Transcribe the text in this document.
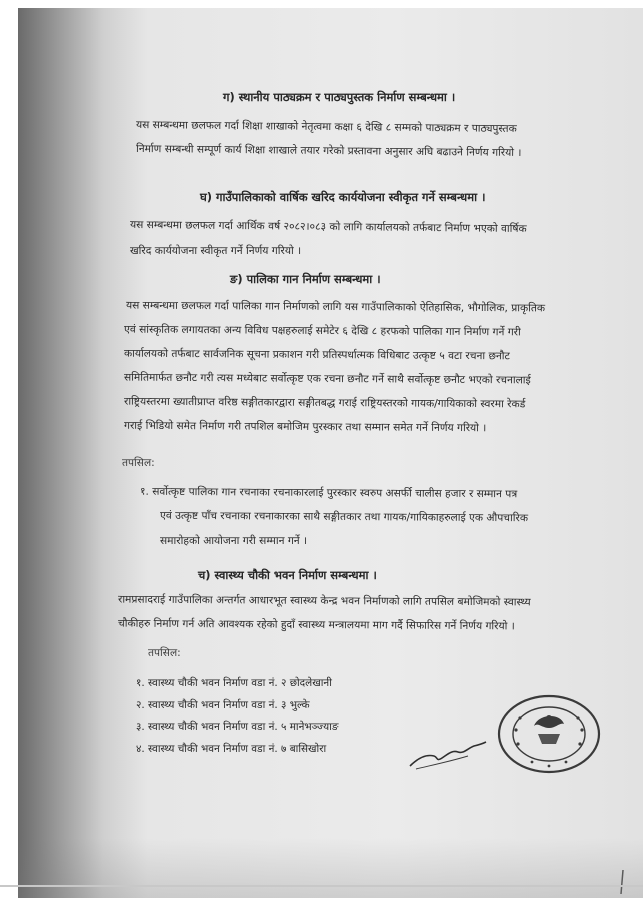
ग) स्थानीय पाठ्यक्रम र पाठ्यपुस्तक निर्माण सम्बन्धमा ।
यस सम्बन्धमा छलफल गर्दा शिक्षा शाखाको नेतृत्वमा कक्षा ६ देखि ८ सम्मको पाठ्यक्रम र पाठ्यपुस्तक
निर्माण सम्बन्धी सम्पूर्ण कार्य शिक्षा शाखाले तयार गरेको प्रस्तावना अनुसार अघि बढाउने निर्णय गरियो ।
घ) गाउँपालिकाको वार्षिक खरिद कार्ययोजना स्वीकृत गर्ने सम्बन्धमा ।
यस सम्बन्धमा छलफल गर्दा आर्थिक वर्ष २०८२।०८३ को लागि कार्यालयको तर्फबाट निर्माण भएको वार्षिक
खरिद कार्ययोजना स्वीकृत गर्ने निर्णय गरियो ।
ङ) पालिका गान निर्माण सम्बन्धमा ।
यस सम्बन्धमा छलफल गर्दा पालिका गान निर्माणको लागि यस गाउँपालिकाको ऐतिहासिक, भौगोलिक, प्राकृतिक
एवं सांस्कृतिक लगायतका अन्य विविध पक्षहरुलाई समेटेर ६ देखि ८ हरफको पालिका गान निर्माण गर्ने गरी
कार्यालयको तर्फबाट सार्वजनिक सूचना प्रकाशन गरी प्रतिस्पर्धात्मक विधिबाट उत्कृष्ट ५ वटा रचना छनौट
समितिमार्फत छनौट गरी त्यस मध्येबाट सर्वोत्कृष्ट एक रचना छनौट गर्ने साथै सर्वोत्कृष्ट छनौट भएको रचनालाई
राष्ट्रियस्तरमा ख्यातीप्राप्त वरिष्ठ सङ्गीतकारद्वारा सङ्गीतबद्ध गराई राष्ट्रियस्तरको गायक/गायिकाको स्वरमा रेकर्ड
गराई भिडियो समेत निर्माण गरी तपशिल बमोजिम पुरस्कार तथा सम्मान समेत गर्ने निर्णय गरियो ।
तपसिल:
१. सर्वोत्कृष्ट पालिका गान रचनाका रचनाकारलाई पुरस्कार स्वरुप असर्फी चालीस हजार र सम्मान पत्र
एवं उत्कृष्ट पाँच रचनाका रचनाकारका साथै सङ्गीतकार तथा गायक/गायिकाहरुलाई एक औपचारिक
समारोहको आयोजना गरी सम्मान गर्ने ।
च) स्वास्थ्य चौकी भवन निर्माण सम्बन्धमा ।
रामप्रसादराई गाउँपालिका अन्तर्गत आधारभूत स्वास्थ्य केन्द्र भवन निर्माणको लागि तपसिल बमोजिमको स्वास्थ्य
चौकीहरु निर्माण गर्न अति आवश्यक रहेको हुदाँ स्वास्थ्य मन्त्रालयमा माग गर्दै सिफारिस गर्ने निर्णय गरियो ।
तपसिल:
१. स्वास्थ्य चौकी भवन निर्माण वडा नं. २ छोदलेखानी
२. स्वास्थ्य चौकी भवन निर्माण वडा नं. ३ भुल्के
३. स्वास्थ्य चौकी भवन निर्माण वडा नं. ५ मानेभञ्ज्याङ
४. स्वास्थ्य चौकी भवन निर्माण वडा नं. ७ बासिखोरा
